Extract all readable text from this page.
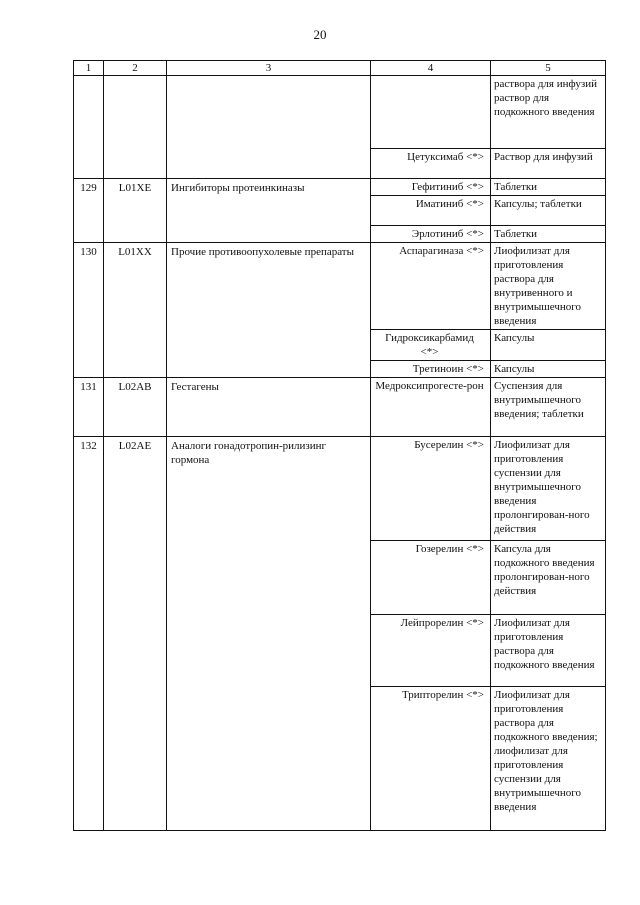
20
1	2	3	4	5
				раствора для инфузий раствор для подкожного введения
			Цетуксимаб <*>	Раствор для инфузий
129	L01XE	Ингибиторы протеинкиназы	Гефитиниб <*>	Таблетки
			Иматиниб <*>	Капсулы; таблетки
			Эрлотиниб <*>	Таблетки
130	L01XX	Прочие противоопухолевые препараты	Аспарагиназа <*>	Лиофилизат для приготовления раствора для внутривенного и внутримышечного введения
			Гидроксикарбамид <*>	Капсулы
			Третиноин <*>	Капсулы
131	L02AB	Гестагены	Медроксипрогесте-рон	Суспензия для внутримышечного введения; таблетки
132	L02AE	Аналоги гонадотропин-рилизинг гормона	Бусерелин <*>	Лиофилизат для приготовления суспензии для внутримышечного введения пролонгирован-ного действия
			Гозерелин <*>	Капсула для подкожного введения пролонгирован-ного действия
			Лейпрорелин <*>	Лиофилизат для приготовления раствора для подкожного введения
			Трипторелин <*>	Лиофилизат для приготовления раствора для подкожного введения; лиофилизат для приготовления суспензии для внутримышечного введения
